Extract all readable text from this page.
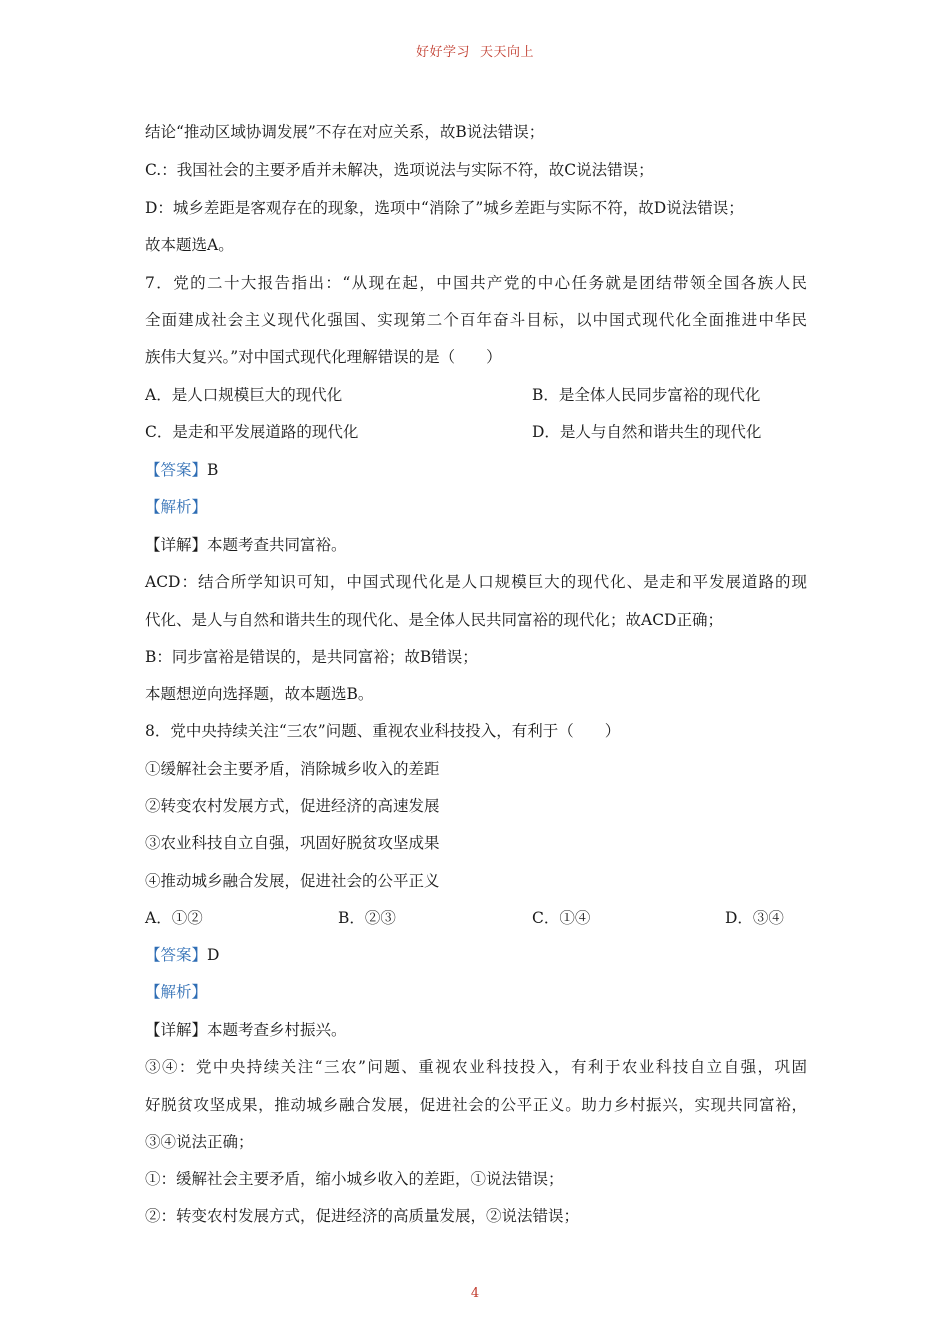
好好学习 天天向上
结论“推动区域协调发展”不存在对应关系，故B说法错误；
C.：我国社会的主要矛盾并未解决，选项说法与实际不符，故C说法错误；
D：城乡差距是客观存在的现象，选项中“消除了”城乡差距与实际不符，故D说法错误；
故本题选A。
7．党的二十大报告指出：“从现在起，中国共产党的中心任务就是团结带领全国各族人民
全面建成社会主义现代化强国、实现第二个百年奋斗目标，以中国式现代化全面推进中华民
族伟大复兴。”对中国式现代化理解错误的是（　　）
A．是人口规模巨大的现代化	B．是全体人民同步富裕的现代化
C．是走和平发展道路的现代化	D．是人与自然和谐共生的现代化
【答案】B
【解析】
【详解】本题考查共同富裕。
ACD：结合所学知识可知，中国式现代化是人口规模巨大的现代化、是走和平发展道路的现
代化、是人与自然和谐共生的现代化、是全体人民共同富裕的现代化；故ACD正确；
B：同步富裕是错误的，是共同富裕；故B错误；
本题想逆向选择题，故本题选B。
8．党中央持续关注“三农”问题、重视农业科技投入，有利于（　　）
①缓解社会主要矛盾，消除城乡收入的差距
②转变农村发展方式，促进经济的高速发展
③农业科技自立自强，巩固好脱贫攻坚成果
④推动城乡融合发展，促进社会的公平正义
A．①②	B．②③	C．①④	D．③④
【答案】D
【解析】
【详解】本题考查乡村振兴。
③④：党中央持续关注“三农”问题、重视农业科技投入，有利于农业科技自立自强，巩固
好脱贫攻坚成果，推动城乡融合发展，促进社会的公平正义。助力乡村振兴，实现共同富裕，
③④说法正确；
①：缓解社会主要矛盾，缩小城乡收入的差距，①说法错误；
②：转变农村发展方式，促进经济的高质量发展，②说法错误；
4
